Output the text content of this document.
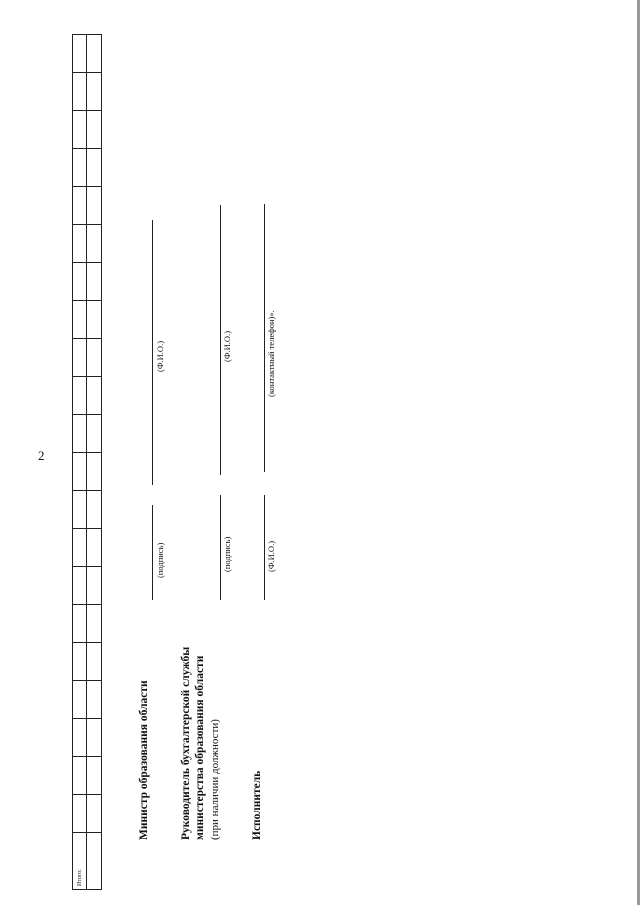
2
Итого:																					

Министр образования области
(подпись)
(Ф.И.О.)
Руководитель бухгалтерской службы министерства образования области (при наличии должности)
(подпись)
(Ф.И.О.)
Исполнитель
(Ф.И.О.)
(контактный телефон)».
